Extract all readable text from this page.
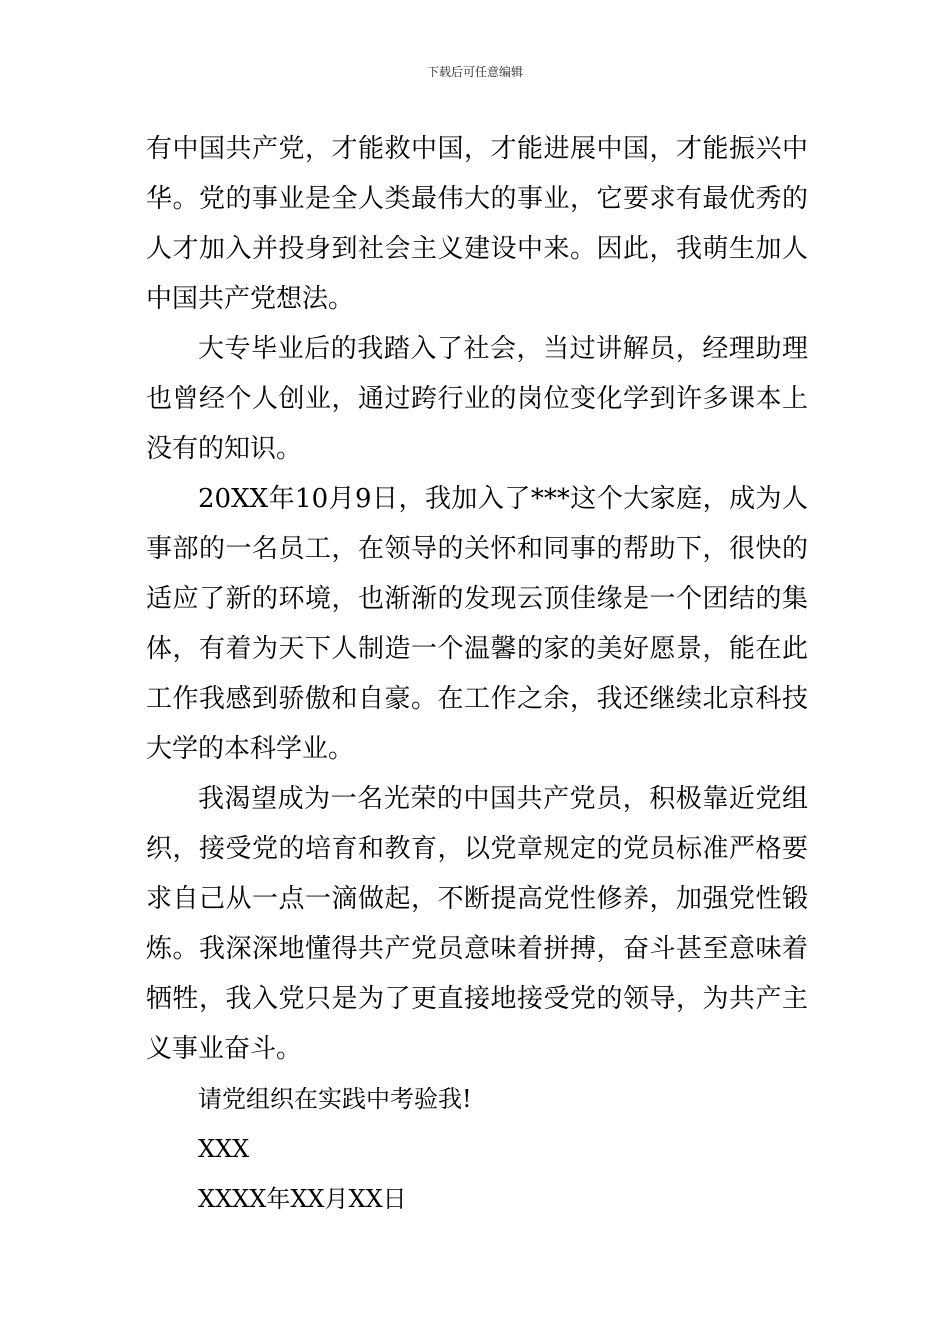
下载后可任意编辑

有中国共产党，才能救中国，才能进展中国，才能振兴中华。党的事业是全人类最伟大的事业，它要求有最优秀的人才加入并投身到社会主义建设中来。因此，我萌生加人中国共产党想法。

大专毕业后的我踏入了社会，当过讲解员，经理助理也曾经个人创业，通过跨行业的岗位变化学到许多课本上没有的知识。

20XX年10月9日，我加入了***这个大家庭，成为人事部的一名员工，在领导的关怀和同事的帮助下，很快的适应了新的环境，也渐渐的发现云顶佳缘是一个团结的集体，有着为天下人制造一个温馨的家的美好愿景，能在此工作我感到骄傲和自豪。在工作之余，我还继续北京科技大学的本科学业。

我渴望成为一名光荣的中国共产党员，积极靠近党组织，接受党的培育和教育，以党章规定的党员标准严格要求自己从一点一滴做起，不断提高党性修养，加强党性锻炼。我深深地懂得共产党员意味着拼搏，奋斗甚至意味着牺牲，我入党只是为了更直接地接受党的领导，为共产主义事业奋斗。

请党组织在实践中考验我!

XXX

XXXX年XX月XX日
